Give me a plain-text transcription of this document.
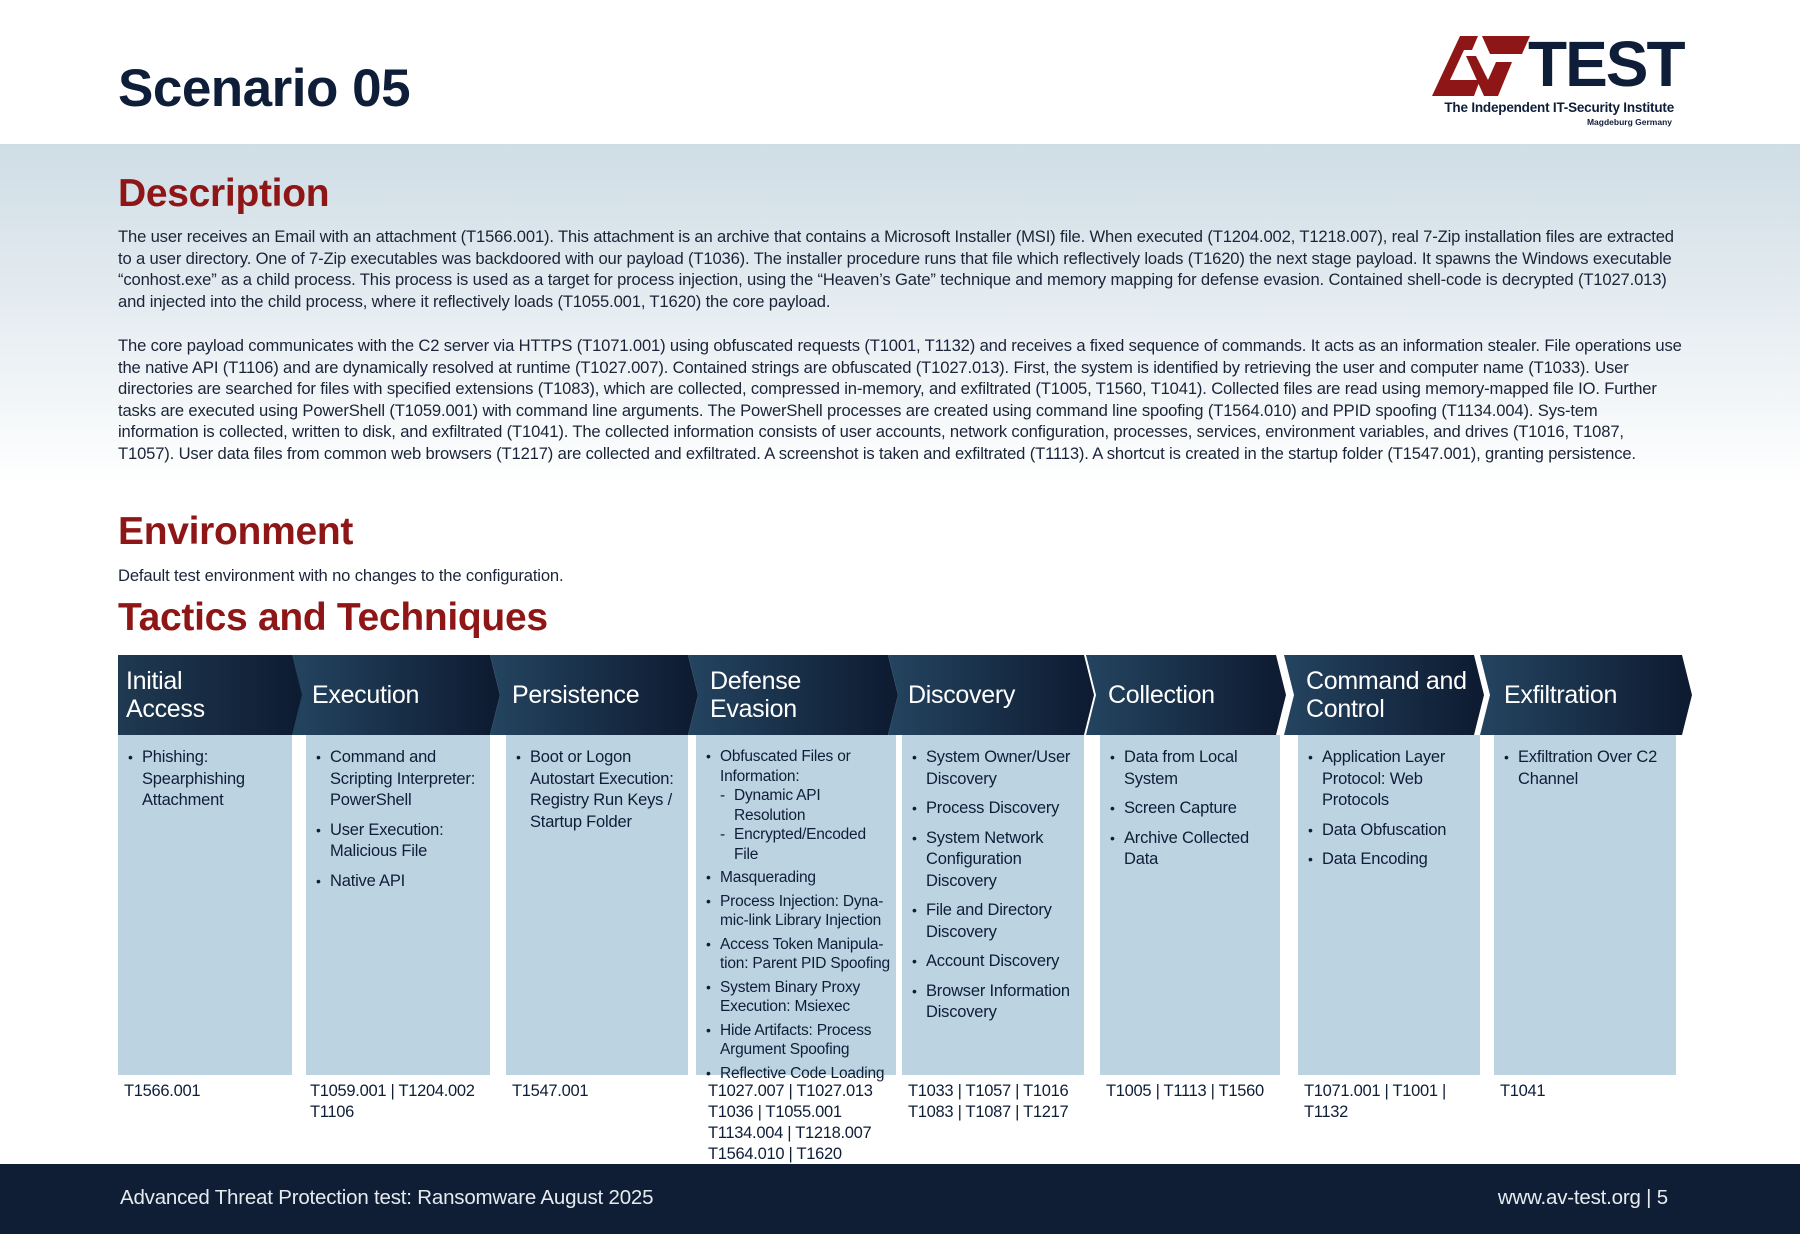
Scenario 05	TEST
The Independent IT-Security Institute
Magdeburg Germany
Description
The user receives an Email with an attachment (T1566.001). This attachment is an archive that contains a Microsoft Installer (MSI) file. When executed (T1204.002, T1218.007), real 7-Zip installation files are extracted to a user directory. One of 7-Zip executables was backdoored with our payload (T1036). The installer procedure runs that file which reflectively loads (T1620) the next stage payload. It spawns the Windows executable “conhost.exe” as a child process. This process is used as a target for process injection, using the “Heaven’s Gate” technique and memory mapping for defense evasion. Contained shell-code is decrypted (T1027.013) and injected into the child process, where it reflectively loads (T1055.001, T1620) the core payload.
The core payload communicates with the C2 server via HTTPS (T1071.001) using obfuscated requests (T1001, T1132) and receives a fixed sequence of commands. It acts as an information stealer. File operations use the native API (T1106) and are dynamically resolved at runtime (T1027.007). Contained strings are obfuscated (T1027.013). First, the system is identified by retrieving the user and computer name (T1033). User directories are searched for files with specified extensions (T1083), which are collected, compressed in-memory, and exfiltrated (T1005, T1560, T1041). Collected files are read using memory-mapped file IO. Further tasks are executed using PowerShell (T1059.001) with command line arguments. The PowerShell processes are created using command line spoofing (T1564.010) and PPID spoofing (T1134.004). Sys-tem information is collected, written to disk, and exfiltrated (T1041). The collected information consists of user accounts, network configuration, processes, services, environment variables, and drives (T1016, T1087, T1057). User data files from common web browsers (T1217) are collected and exfiltrated. A screenshot is taken and exfiltrated (T1113). A shortcut is created in the startup folder (T1547.001), granting persistence.
Environment
Default test environment with no changes to the configuration.
Tactics and Techniques
Initial
Access
• Phishing: Spearphishing Attachment
T1566.001
Execution
• Command and Scripting Interpreter: PowerShell
• User Execution: Malicious File
• Native API
T1059.001 | T1204.002
T1106
Persistence
• Boot or Logon Autostart Execution: Registry Run Keys / Startup Folder
T1547.001
Defense
Evasion
• Obfuscated Files or Information:
- Dynamic API Resolution
- Encrypted/Encoded File
• Masquerading
• Process Injection: Dyna-mic-link Library Injection
• Access Token Manipula-tion: Parent PID Spoofing
• System Binary Proxy Execution: Msiexec
• Hide Artifacts: Process Argument Spoofing
• Reflective Code Loading
T1027.007 | T1027.013
T1036 | T1055.001
T1134.004 | T1218.007
T1564.010 | T1620
Discovery
• System Owner/User Discovery
• Process Discovery
• System Network Configuration Discovery
• File and Directory Discovery
• Account Discovery
• Browser Information Discovery
T1033 | T1057 | T1016
T1083 | T1087 | T1217
Collection
• Data from Local System
• Screen Capture
• Archive Collected Data
T1005 | T1113 | T1560
Command and
Control
• Application Layer Protocol: Web Protocols
• Data Obfuscation
• Data Encoding
T1071.001 | T1001 | T1132
Exfiltration
• Exfiltration Over C2 Channel
T1041
Advanced Threat Protection test: Ransomware August 2025	www.av-test.org | 5
